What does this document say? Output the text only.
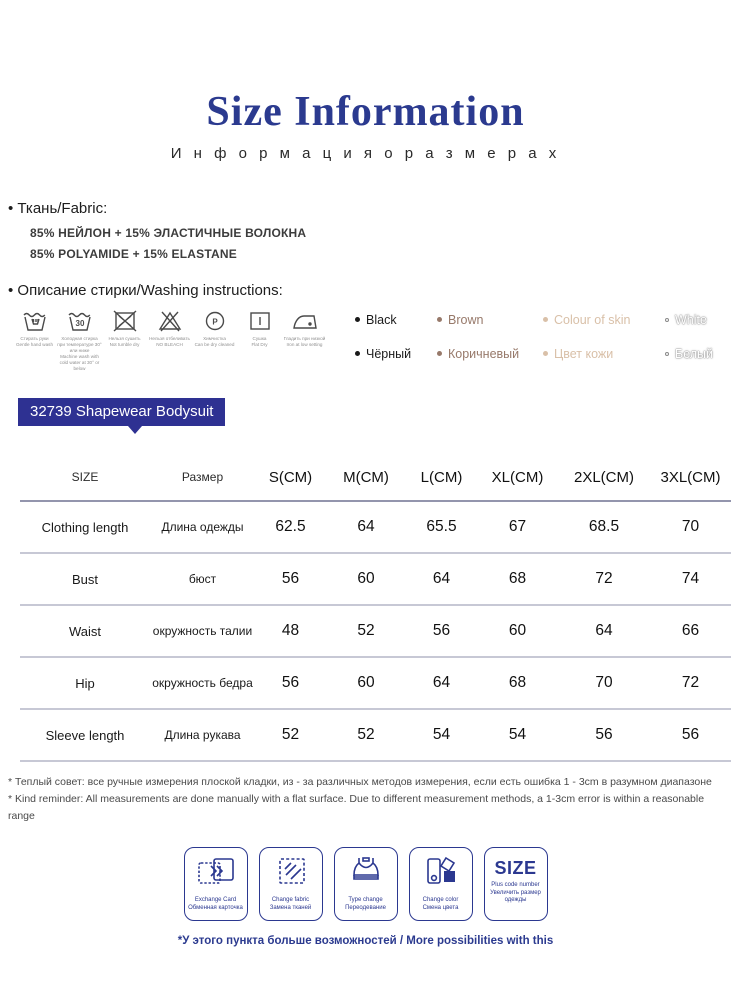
Size Information
И н ф о р м а ц и я о р а з м е р а х
• Ткань/Fabric:
85% НЕЙЛОН + 15% ЭЛАСТИЧНЫЕ ВОЛОКНА
85% POLYAMIDE + 15% ELASTANE
• Описание стирки/Washing instructions:
Стирать руки
Gentle hand wash
30
Холодная стирка при температуре 30° или ниже
Machine wash with cold water at 30° or below
Нельзя сушить
Not tumble dry
Нельзя отбеливать
NO BLEACH
P
Химчистка
Can be dry cleaned
Сушка
Flat Dry
Гладить при низкой
Iron at low setting
Black	Brown	Colour of skin	White
Чёрный	Коричневый	Цвет кожи	Белый
32739 Shapewear Bodysuit
SIZE	Размер	S(CM)	M(CM)	L(CM)	XL(CM)	2XL(CM)	3XL(CM)
Clothing length	Длина одежды	62.5	64	65.5	67	68.5	70
Bust	бюст	56	60	64	68	72	74
Waist	окружность талии	48	52	56	60	64	66
Hip	окружность бедра	56	60	64	68	70	72
Sleeve length	Длина рукава	52	52	54	54	56	56
* Теплый совет: все ручные измерения плоской кладки, из - за различных методов измерения, если есть ошибка 1 - 3cm в разумном диапазоне
* Kind reminder: All measurements are done manually with a flat surface. Due to different measurement methods, a 1-3cm error is within a reasonable range
Exchange Card
Обменная карточка
Change fabric
Замена тканей
Type change
Переодевание
Change color
Смена цвета
SIZE
Plus code number
Увеличить размер
одежды
*У этого пункта больше возможностей / More possibilities with this
